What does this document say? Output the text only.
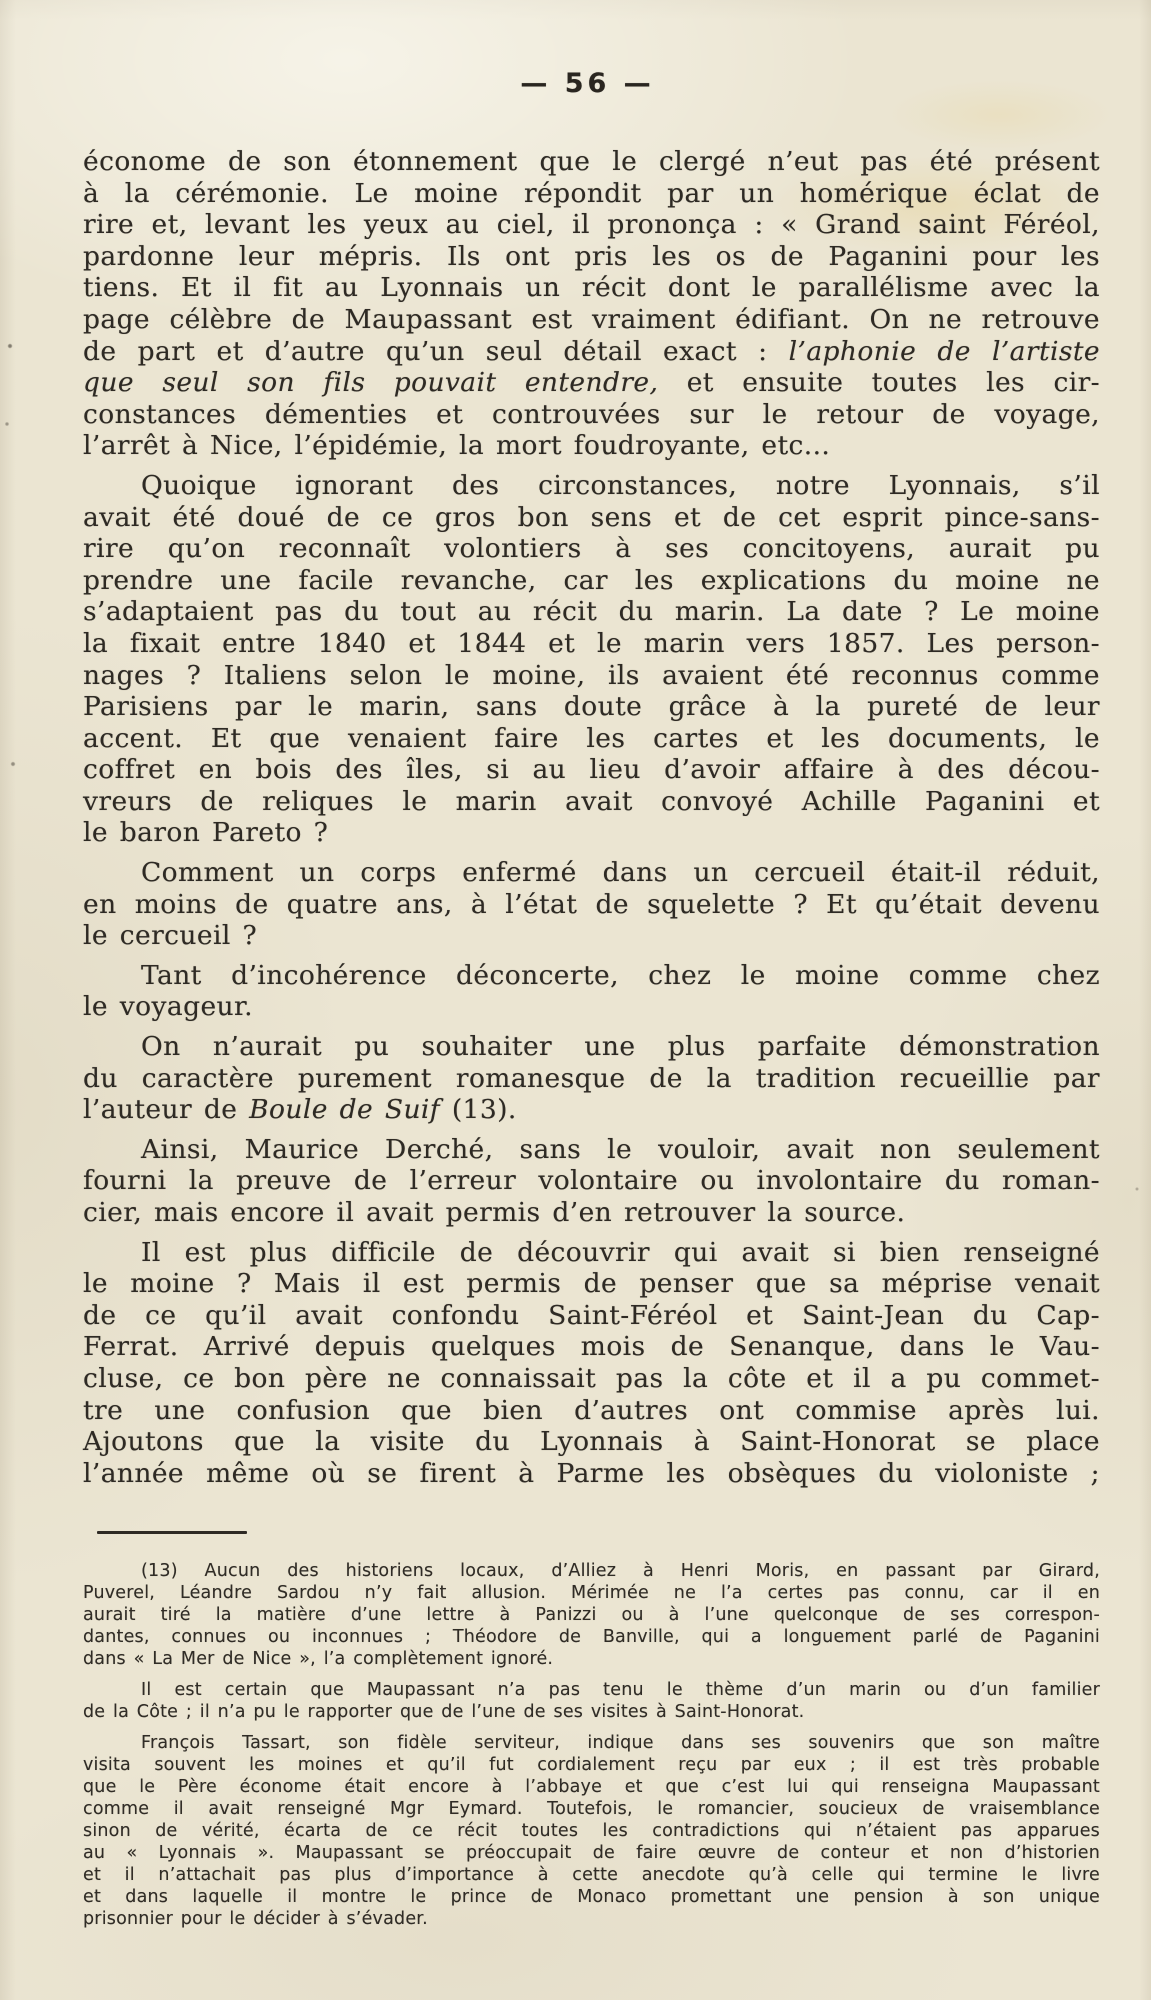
— 56 —
économe de son étonnement que le clergé n’eut pas été présent
à la cérémonie. Le moine répondit par un homérique éclat de
rire et, levant les yeux au ciel, il prononça : « Grand saint Féréol,
pardonne leur mépris. Ils ont pris les os de Paganini pour les
tiens. Et il fit au Lyonnais un récit dont le parallélisme avec la
page célèbre de Maupassant est vraiment édifiant. On ne retrouve
de part et d’autre qu’un seul détail exact : l’aphonie de l’artiste
que seul son fils pouvait entendre, et ensuite toutes les cir-
constances démenties et controuvées sur le retour de voyage,
l’arrêt à Nice, l’épidémie, la mort foudroyante, etc...
Quoique ignorant des circonstances, notre Lyonnais, s’il
avait été doué de ce gros bon sens et de cet esprit pince-sans-
rire qu’on reconnaît volontiers à ses concitoyens, aurait pu
prendre une facile revanche, car les explications du moine ne
s’adaptaient pas du tout au récit du marin. La date ? Le moine
la fixait entre 1840 et 1844 et le marin vers 1857. Les person-
nages ? Italiens selon le moine, ils avaient été reconnus comme
Parisiens par le marin, sans doute grâce à la pureté de leur
accent. Et que venaient faire les cartes et les documents, le
coffret en bois des îles, si au lieu d’avoir affaire à des décou-
vreurs de reliques le marin avait convoyé Achille Paganini et
le baron Pareto ?
Comment un corps enfermé dans un cercueil était-il réduit,
en moins de quatre ans, à l’état de squelette ? Et qu’était devenu
le cercueil ?
Tant d’incohérence déconcerte, chez le moine comme chez
le voyageur.
On n’aurait pu souhaiter une plus parfaite démonstration
du caractère purement romanesque de la tradition recueillie par
l’auteur de Boule de Suif (13).
Ainsi, Maurice Derché, sans le vouloir, avait non seulement
fourni la preuve de l’erreur volontaire ou involontaire du roman-
cier, mais encore il avait permis d’en retrouver la source.
Il est plus difficile de découvrir qui avait si bien renseigné
le moine ? Mais il est permis de penser que sa méprise venait
de ce qu’il avait confondu Saint-Féréol et Saint-Jean du Cap-
Ferrat. Arrivé depuis quelques mois de Senanque, dans le Vau-
cluse, ce bon père ne connaissait pas la côte et il a pu commet-
tre une confusion que bien d’autres ont commise après lui.
Ajoutons que la visite du Lyonnais à Saint-Honorat se place
l’année même où se firent à Parme les obsèques du violoniste ;
(13) Aucun des historiens locaux, d’Alliez à Henri Moris, en passant par Girard,
Puverel, Léandre Sardou n’y fait allusion. Mérimée ne l’a certes pas connu, car il en
aurait tiré la matière d’une lettre à Panizzi ou à l’une quelconque de ses correspon-
dantes, connues ou inconnues ; Théodore de Banville, qui a longuement parlé de Paganini
dans « La Mer de Nice », l’a complètement ignoré.
Il est certain que Maupassant n’a pas tenu le thème d’un marin ou d’un familier
de la Côte ; il n’a pu le rapporter que de l’une de ses visites à Saint-Honorat.
François Tassart, son fidèle serviteur, indique dans ses souvenirs que son maître
visita souvent les moines et qu’il fut cordialement reçu par eux ; il est très probable
que le Père économe était encore à l’abbaye et que c’est lui qui renseigna Maupassant
comme il avait renseigné Mgr Eymard. Toutefois, le romancier, soucieux de vraisemblance
sinon de vérité, écarta de ce récit toutes les contradictions qui n’étaient pas apparues
au « Lyonnais ». Maupassant se préoccupait de faire œuvre de conteur et non d’historien
et il n’attachait pas plus d’importance à cette anecdote qu’à celle qui termine le livre
et dans laquelle il montre le prince de Monaco promettant une pension à son unique
prisonnier pour le décider à s’évader.
